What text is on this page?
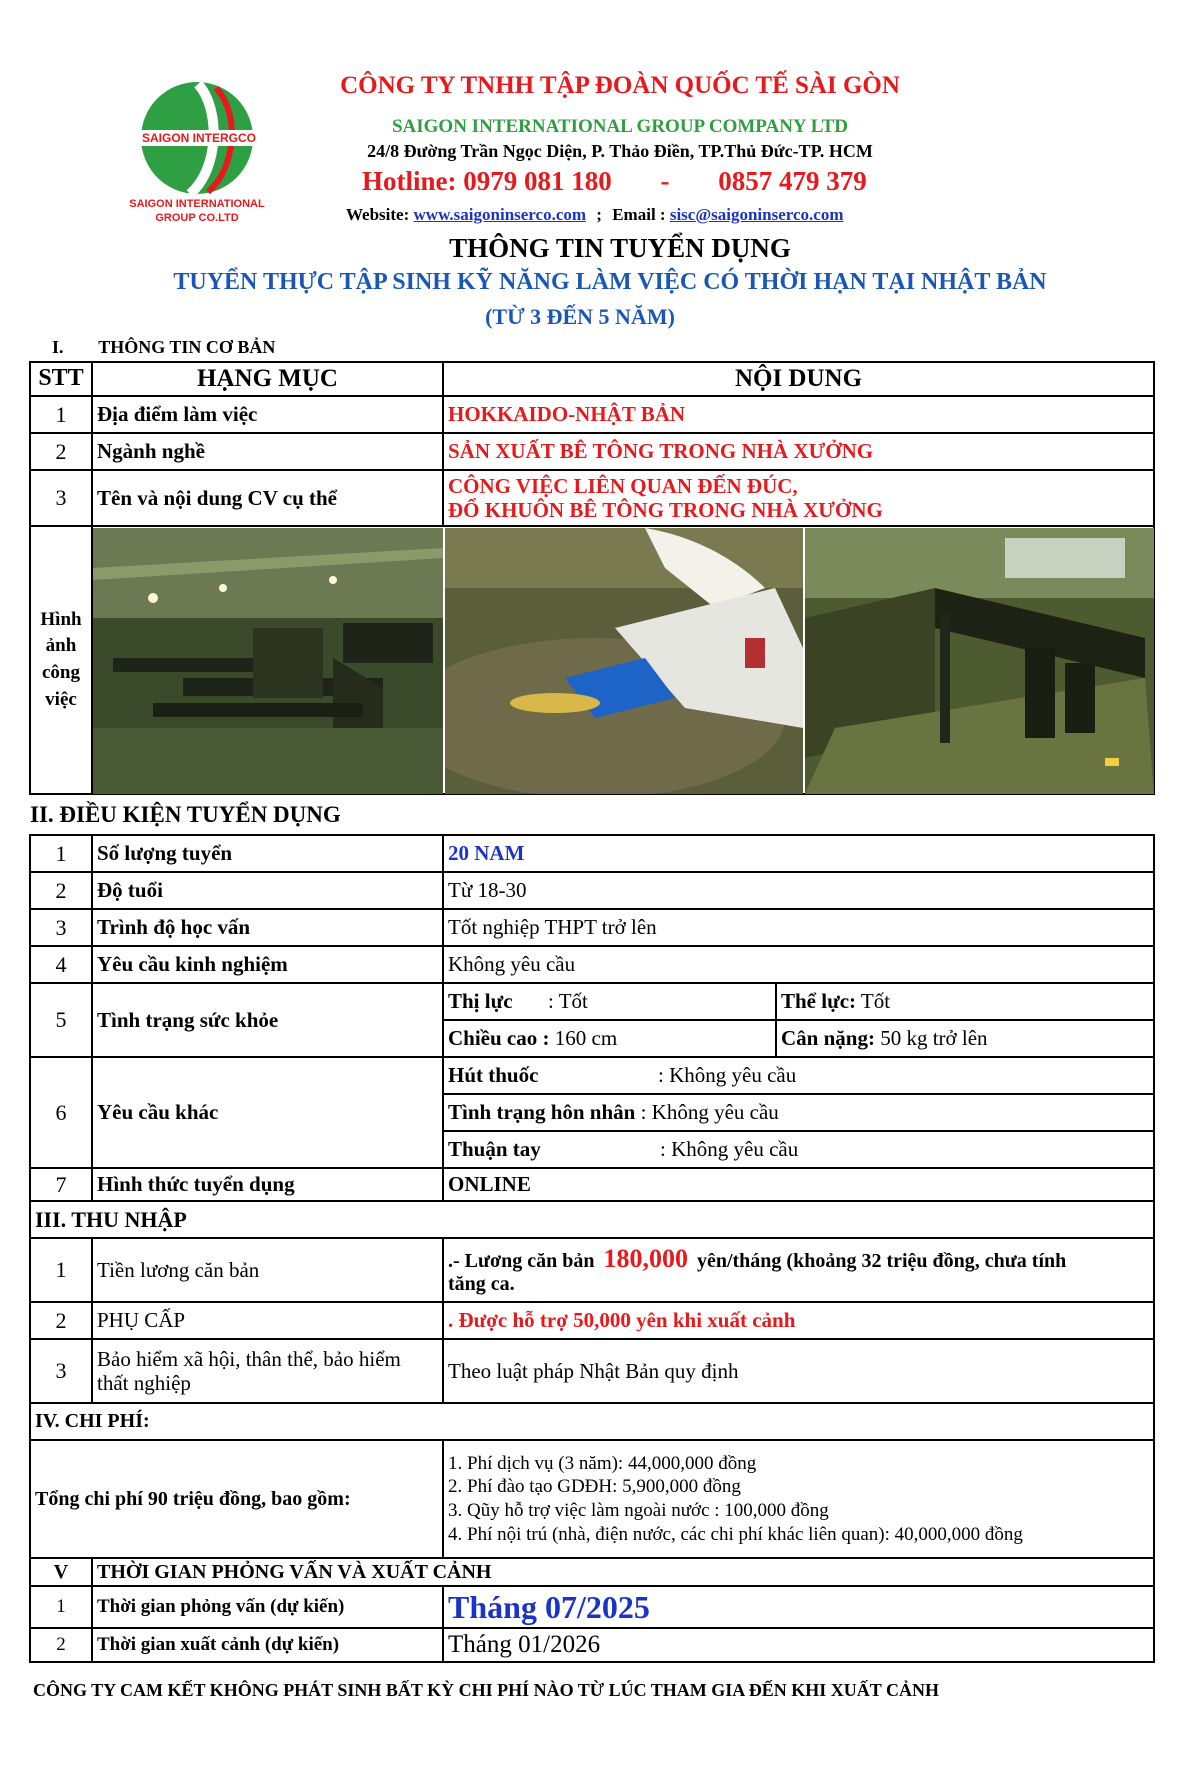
SAIGON INTERGCO
SAIGON INTERNATIONAL
GROUP CO.LTD
CÔNG TY TNHH TẬP ĐOÀN QUỐC TẾ SÀI GÒN
SAIGON INTERNATIONAL GROUP COMPANY LTD
24/8 Đường Trần Ngọc Diện, P. Thảo Điền, TP.Thủ Đức-TP. HCM
Hotline: 0979 081 180 - 0857 479 379
Website: www.saigoninserco.com ; Email : sisc@saigoninserco.com
THÔNG TIN TUYỂN DỤNG
TUYỂN THỰC TẬP SINH KỸ NĂNG LÀM VIỆC CÓ THỜI HẠN TẠI NHẬT BẢN
(TỪ 3 ĐẾN 5 NĂM)
I. THÔNG TIN CƠ BẢN
STT	HẠNG MỤC	NỘI DUNG
1	Địa điểm làm việc	HOKKAIDO-NHẬT BẢN
2	Ngành nghề	SẢN XUẤT BÊ TÔNG TRONG NHÀ XƯỞNG
3	Tên và nội dung CV cụ thể	CÔNG VIỆC LIÊN QUAN ĐẾN ĐÚC,
ĐỔ KHUÔN BÊ TÔNG TRONG NHÀ XƯỞNG

Hình
ảnh
công
việc		

II. ĐIỀU KIỆN TUYỂN DỤNG
1	Số lượng tuyển	20 NAM	
2	Độ tuổi	Từ 18-30	
3	Trình độ học vấn	Tốt nghiệp THPT trở lên	
4	Yêu cầu kinh nghiệm	Không yêu cầu	
5	Tình trạng sức khỏe	Thị lực : Tốt	Thể lực: Tốt
		Chiều cao : 160 cm	Cân nặng: 50 kg trở lên
6	Yêu cầu khác	Hút thuốc : Không yêu cầu	
		Tình trạng hôn nhân : Không yêu cầu	
		Thuận tay : Không yêu cầu	
7	Hình thức tuyển dụng	ONLINE	
III. THU NHẬP			
1	Tiền lương căn bản	.- Lương căn bản 180,000 yên/tháng (khoảng 32 triệu đồng, chưa tính
tăng ca.	

2	PHỤ CẤP	. Được hỗ trợ 50,000 yên khi xuất cảnh	
3	Bảo hiểm xã hội, thân thể, bảo hiểm
thất nghiệp	Theo luật pháp Nhật Bản quy định	
IV. CHI PHÍ:			
Tổng chi phí 90 triệu đồng, bao gồm:		1. Phí dịch vụ (3 năm): 44,000,000 đồng
2. Phí đào tạo GDĐH: 5,900,000 đồng
3. Qũy hỗ trợ việc làm ngoài nước : 100,000 đồng
4. Phí nội trú (nhà, điện nước, các chi phí khác liên quan): 40,000,000 đồng	

V	THỜI GIAN PHỎNG VẤN VÀ XUẤT CẢNH		
1	Thời gian phỏng vấn (dự kiến)	Tháng 07/2025	
2	Thời gian xuất cảnh (dự kiến)	Tháng 01/2026	
CÔNG TY CAM KẾT KHÔNG PHÁT SINH BẤT KỲ CHI PHÍ NÀO TỪ LÚC THAM GIA ĐẾN KHI XUẤT CẢNH
